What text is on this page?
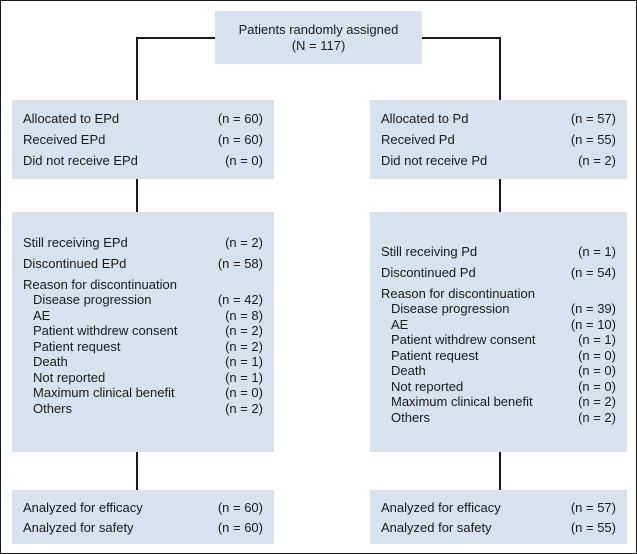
Patients randomly assigned
(N = 117)
Allocated to EPd	(n = 60)
Received EPd	(n = 60)
Did not receive EPd	(n = 0)
Still receiving EPd	(n = 2)
Discontinued EPd	(n = 58)
Reason for discontinuation
Disease progression	(n = 42)
AE	(n = 8)
Patient withdrew consent	(n = 2)
Patient request	(n = 2)
Death	(n = 1)
Not reported	(n = 1)
Maximum clinical benefit	(n = 0)
Others	(n = 2)
Analyzed for efficacy	(n = 60)
Analyzed for safety	(n = 60)
Allocated to Pd	(n = 57)
Received Pd	(n = 55)
Did not receive Pd	(n = 2)
Still receiving Pd	(n = 1)
Discontinued Pd	(n = 54)
Reason for discontinuation
Disease progression	(n = 39)
AE	(n = 10)
Patient withdrew consent	(n = 1)
Patient request	(n = 0)
Death	(n = 0)
Not reported	(n = 0)
Maximum clinical benefit	(n = 2)
Others	(n = 2)
Analyzed for efficacy	(n = 57)
Analyzed for safety	(n = 55)
